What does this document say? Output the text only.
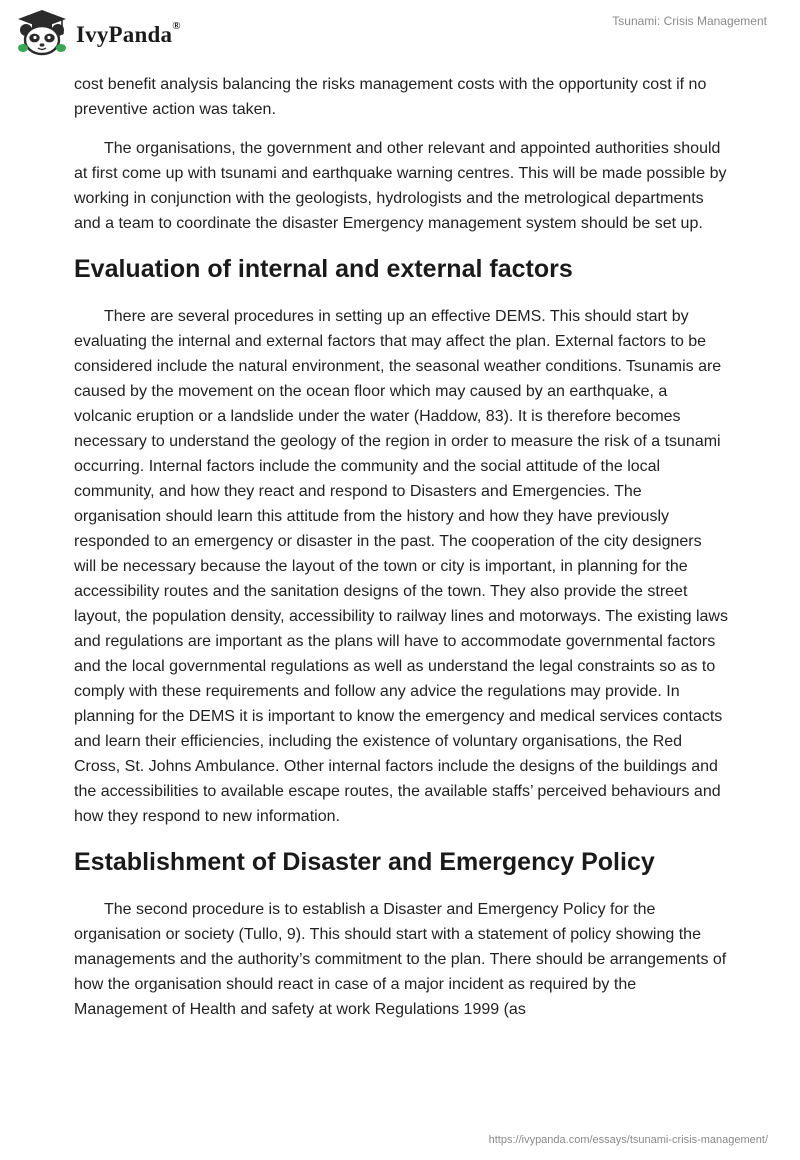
IvyPanda®	Tsunami: Crisis Management

cost benefit analysis balancing the risks management costs with the opportunity cost if no preventive action was taken.

The organisations, the government and other relevant and appointed authorities should at first come up with tsunami and earthquake warning centres. This will be made possible by working in conjunction with the geologists, hydrologists and the metrological departments and a team to coordinate the disaster Emergency management system should be set up.

Evaluation of internal and external factors

There are several procedures in setting up an effective DEMS. This should start by evaluating the internal and external factors that may affect the plan. External factors to be considered include the natural environment, the seasonal weather conditions. Tsunamis are caused by the movement on the ocean floor which may caused by an earthquake, a volcanic eruption or a landslide under the water (Haddow, 83). It is therefore becomes necessary to understand the geology of the region in order to measure the risk of a tsunami occurring. Internal factors include the community and the social attitude of the local community, and how they react and respond to Disasters and Emergencies. The organisation should learn this attitude from the history and how they have previously responded to an emergency or disaster in the past. The cooperation of the city designers will be necessary because the layout of the town or city is important, in planning for the accessibility routes and the sanitation designs of the town. They also provide the street layout, the population density, accessibility to railway lines and motorways. The existing laws and regulations are important as the plans will have to accommodate governmental factors and the local governmental regulations as well as understand the legal constraints so as to comply with these requirements and follow any advice the regulations may provide. In planning for the DEMS it is important to know the emergency and medical services contacts and learn their efficiencies, including the existence of voluntary organisations, the Red Cross, St. Johns Ambulance. Other internal factors include the designs of the buildings and the accessibilities to available escape routes, the available staffs’ perceived behaviours and how they respond to new information.

Establishment of Disaster and Emergency Policy

The second procedure is to establish a Disaster and Emergency Policy for the organisation or society (Tullo, 9). This should start with a statement of policy showing the managements and the authority’s commitment to the plan. There should be arrangements of how the organisation should react in case of a major incident as required by the Management of Health and safety at work Regulations 1999 (as

https://ivypanda.com/essays/tsunami-crisis-management/
